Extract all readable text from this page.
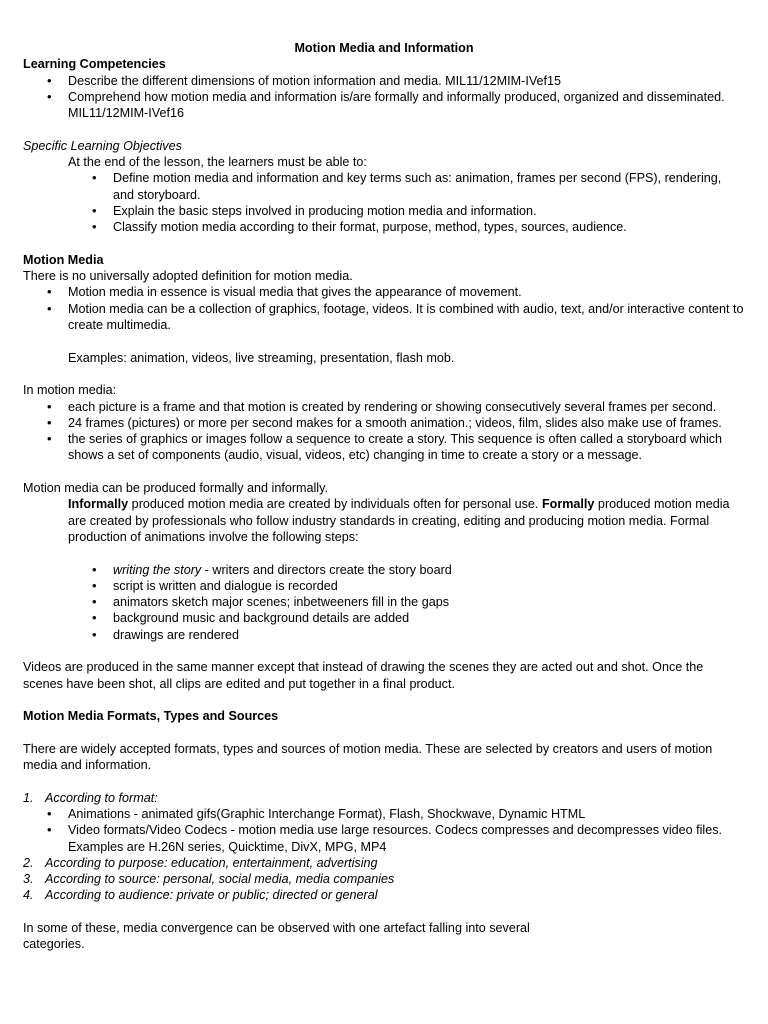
Motion Media and Information

Learning Competencies
• Describe the different dimensions of motion information and media. MIL11/12MIM-IVef15
• Comprehend how motion media and information is/are formally and informally produced, organized and disseminated. MIL11/12MIM-IVef16

Specific Learning Objectives

At the end of the lesson, the learners must be able to:

• Define motion media and information and key terms such as: animation, frames per second (FPS), rendering, and storyboard.
• Explain the basic steps involved in producing motion media and information.
• Classify motion media according to their format, purpose, method, types, sources, audience.
Motion Media

There is no universally adopted definition for motion media.

• Motion media in essence is visual media that gives the appearance of movement.
• Motion media can be a collection of graphics, footage, videos. It is combined with audio, text, and/or interactive content to create multimedia.

Examples: animation, videos, live streaming, presentation, flash mob.

In motion media:

• each picture is a frame and that motion is created by rendering or showing consecutively several frames per second.
• 24 frames (pictures) or more per second makes for a smooth animation.; videos, film, slides also make use of frames.
• the series of graphics or images follow a sequence to create a story. This sequence is often called a storyboard which shows a set of components (audio, visual, videos, etc) changing in time to create a story or a message.

Motion media can be produced formally and informally.

Informally produced motion media are created by individuals often for personal use. Formally produced motion media are created by professionals who follow industry standards in creating, editing and producing motion media. Formal production of animations involve the following steps:

• writing the story - writers and directors create the story board
• script is written and dialogue is recorded
• animators sketch major scenes; inbetweeners fill in the gaps
• background music and background details are added
• drawings are rendered

Videos are produced in the same manner except that instead of drawing the scenes they are acted out and shot. Once the scenes have been shot, all clips are edited and put together in a final product.

Motion Media Formats, Types and Sources

There are widely accepted formats, types and sources of motion media. These are selected by creators and users of motion media and information.

1. According to format:
• Animations - animated gifs(Graphic Interchange Format), Flash, Shockwave, Dynamic HTML
• Video formats/Video Codecs - motion media use large resources. Codecs compresses and decompresses video files. Examples are H.26N series, Quicktime, DivX, MPG, MP4
2. According to purpose: education, entertainment, advertising
3. According to source: personal, social media, media companies
4. According to audience: private or public; directed or general

In some of these, media convergence can be observed with one artefact falling into several categories.
